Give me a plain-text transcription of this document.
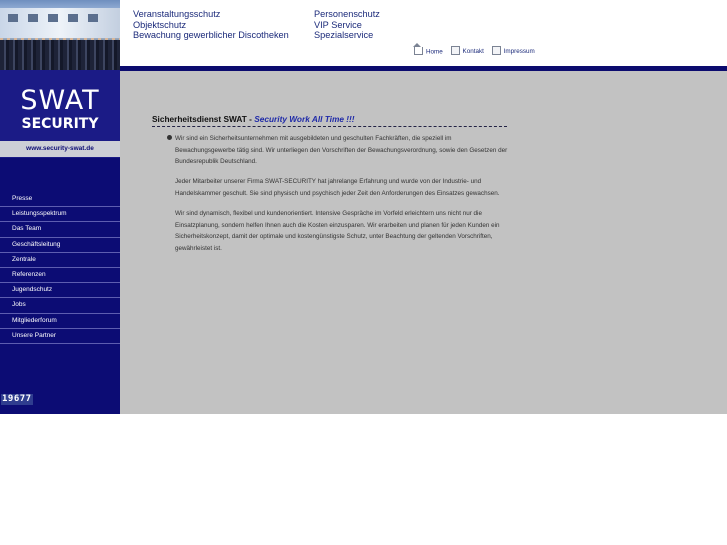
Veranstaltungsschutz
Objektschutz
Bewachung gewerblicher Discotheken
Personenschutz
VIP Service
Spezialservice
Home	Kontakt	Impressum
SWAT
SECURITY
www.security-swat.de
Presse
Leistungsspektrum
Das Team
Geschäftsleitung
Zentrale
Referenzen
Jugendschutz
Jobs
Mitgliederforum
Unsere Partner
19677
Sicherheitsdienst SWAT - Security Work All Time !!!

Wir sind ein Sicherheitsunternehmen mit ausgebildeten und geschulten Fachkräften, die speziell im Bewachungsgewerbe tätig sind. Wir unterliegen den Vorschriften der Bewachungsverordnung, sowie den Gesetzen der Bundesrepublik Deutschland.

Jeder Mitarbeiter unserer Firma SWAT-SECURITY hat jahrelange Erfahrung und wurde von der Industrie- und Handelskammer geschult. Sie sind physisch und psychisch jeder Zeit den Anforderungen des Einsatzes gewachsen.

Wir sind dynamisch, flexibel und kundenorientiert. Intensive Gespräche im Vorfeld erleichtern uns nicht nur die Einsatzplanung, sondern helfen Ihnen auch die Kosten einzusparen. Wir erarbeiten und planen für jeden Kunden ein Sicherheitskonzept, damit der optimale und kostengünstigste Schutz, unter Beachtung der geltenden Vorschriften, gewährleistet ist.
